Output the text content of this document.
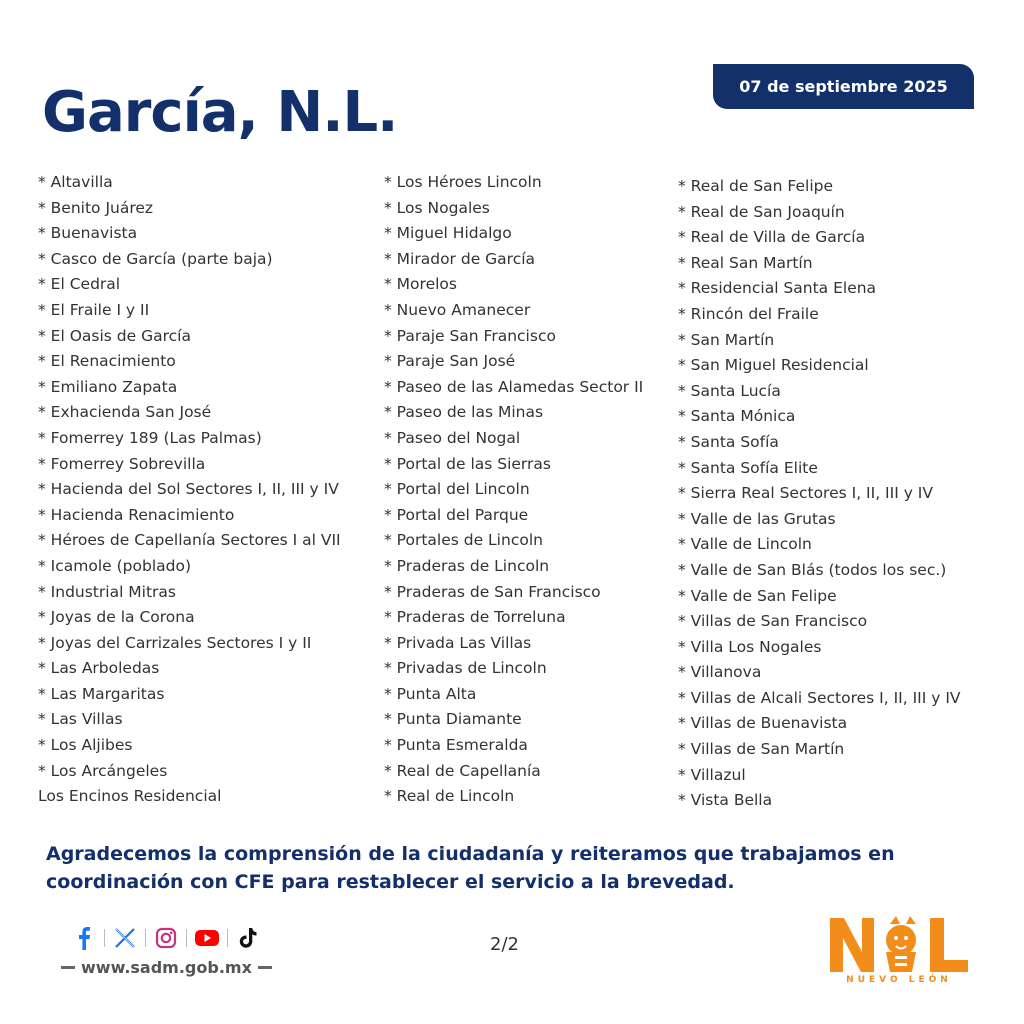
García, N.L.	07 de septiembre 2025
* Altavilla
* Benito Juárez
* Buenavista
* Casco de García (parte baja)
* El Cedral
* El Fraile I y II
* El Oasis de García
* El Renacimiento
* Emiliano Zapata
* Exhacienda San José
* Fomerrey 189 (Las Palmas)
* Fomerrey Sobrevilla
* Hacienda del Sol Sectores I, II, III y IV
* Hacienda Renacimiento
* Héroes de Capellanía Sectores I al VII
* Icamole (poblado)
* Industrial Mitras
* Joyas de la Corona
* Joyas del Carrizales Sectores I y II
* Las Arboledas
* Las Margaritas
* Las Villas
* Los Aljibes
* Los Arcángeles
Los Encinos Residencial
* Los Héroes Lincoln
* Los Nogales
* Miguel Hidalgo
* Mirador de García
* Morelos
* Nuevo Amanecer
* Paraje San Francisco
* Paraje San José
* Paseo de las Alamedas Sector II
* Paseo de las Minas
* Paseo del Nogal
* Portal de las Sierras
* Portal del Lincoln
* Portal del Parque
* Portales de Lincoln
* Praderas de Lincoln
* Praderas de San Francisco
* Praderas de Torreluna
* Privada Las Villas
* Privadas de Lincoln
* Punta Alta
* Punta Diamante
* Punta Esmeralda
* Real de Capellanía
* Real de Lincoln
* Real de San Felipe
* Real de San Joaquín
* Real de Villa de García
* Real San Martín
* Residencial Santa Elena
* Rincón del Fraile
* San Martín
* San Miguel Residencial
* Santa Lucía
* Santa Mónica
* Santa Sofía
* Santa Sofía Elite
* Sierra Real Sectores I, II, III y IV
* Valle de las Grutas
* Valle de Lincoln
* Valle de San Blás (todos los sec.)
* Valle de San Felipe
* Villas de San Francisco
* Villa Los Nogales
* Villanova
* Villas de Alcali Sectores I, II, III y IV
* Villas de Buenavista
* Villas de San Martín
* Villazul
* Vista Bella

Agradecemos la comprensión de la ciudadanía y reiteramos que trabajamos en coordinación con CFE para restablecer el servicio a la brevedad.

www.sadm.gob.mx
2/2
NUEVO LEÓN
